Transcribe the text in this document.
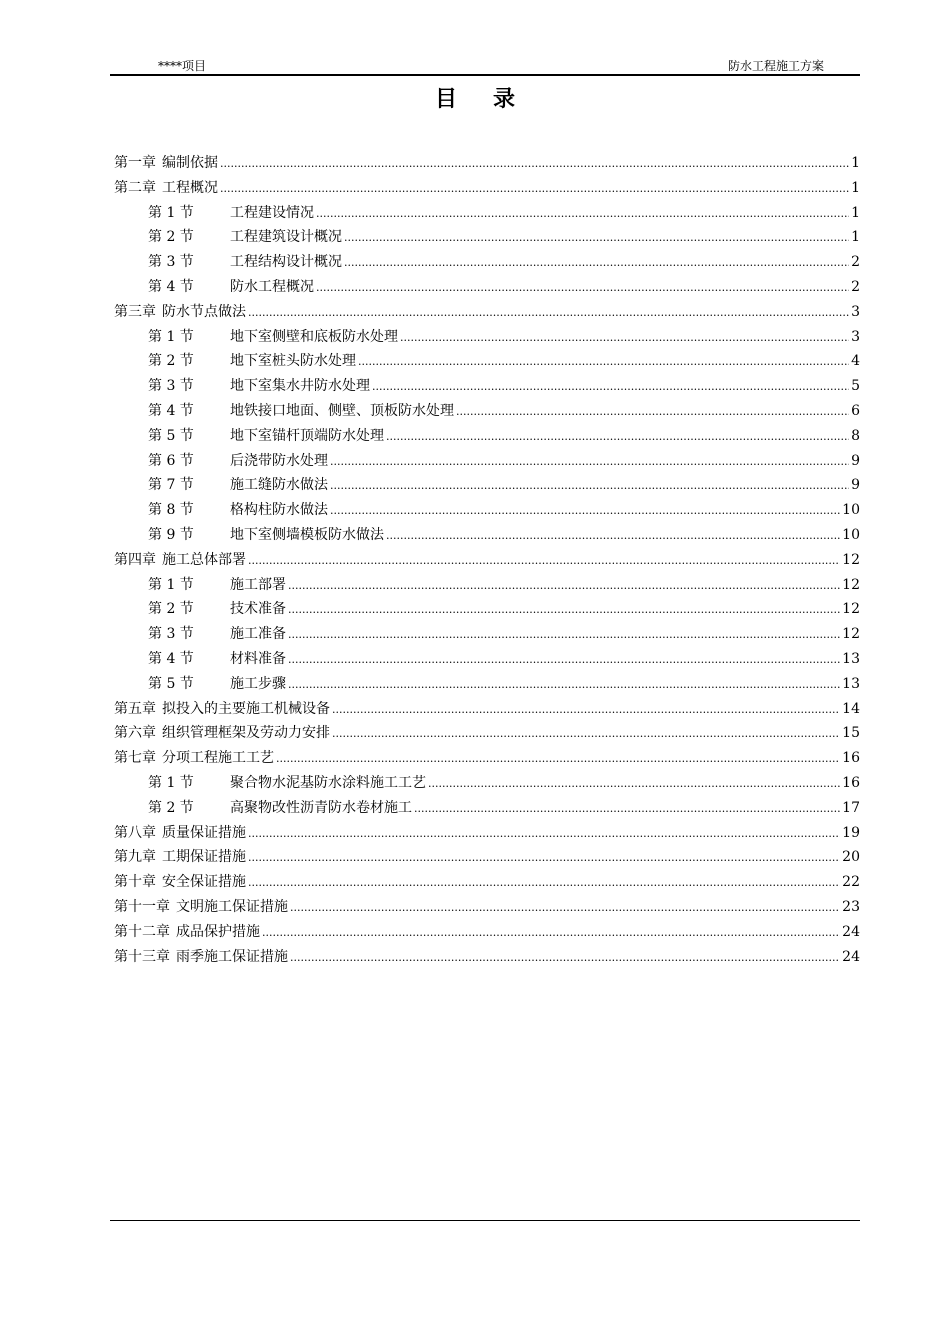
****项目	防水工程施工方案
目录
第一章 编制依据 .....	1
第二章 工程概况 .....	1
第 1 节	工程建设情况 .....	1
第 2 节	工程建筑设计概况 .....	1
第 3 节	工程结构设计概况 .....	2
第 4 节	防水工程概况 .....	2
第三章 防水节点做法 .....	3
第 1 节	地下室侧壁和底板防水处理 .....	3
第 2 节	地下室桩头防水处理 .....	4
第 3 节	地下室集水井防水处理 .....	5
第 4 节	地铁接口地面、侧壁、顶板防水处理 .....	6
第 5 节	地下室锚杆顶端防水处理 .....	8
第 6 节	后浇带防水处理 .....	9
第 7 节	施工缝防水做法 .....	9
第 8 节	格构柱防水做法 .....	10
第 9 节	地下室侧墙模板防水做法 .....	10
第四章 施工总体部署 .....	12
第 1 节	施工部署 .....	12
第 2 节	技术准备 .....	12
第 3 节	施工准备 .....	12
第 4 节	材料准备 .....	13
第 5 节	施工步骤 .....	13
第五章 拟投入的主要施工机械设备 .....	14
第六章 组织管理框架及劳动力安排 .....	15
第七章 分项工程施工工艺 .....	16
第 1 节	聚合物水泥基防水涂料施工工艺 .....	16
第 2 节	高聚物改性沥青防水卷材施工 .....	17
第八章 质量保证措施 .....	19
第九章 工期保证措施 .....	20
第十章 安全保证措施 .....	22
第十一章 文明施工保证措施 .....	23
第十二章 成品保护措施 .....	24
第十三章 雨季施工保证措施 .....	24
